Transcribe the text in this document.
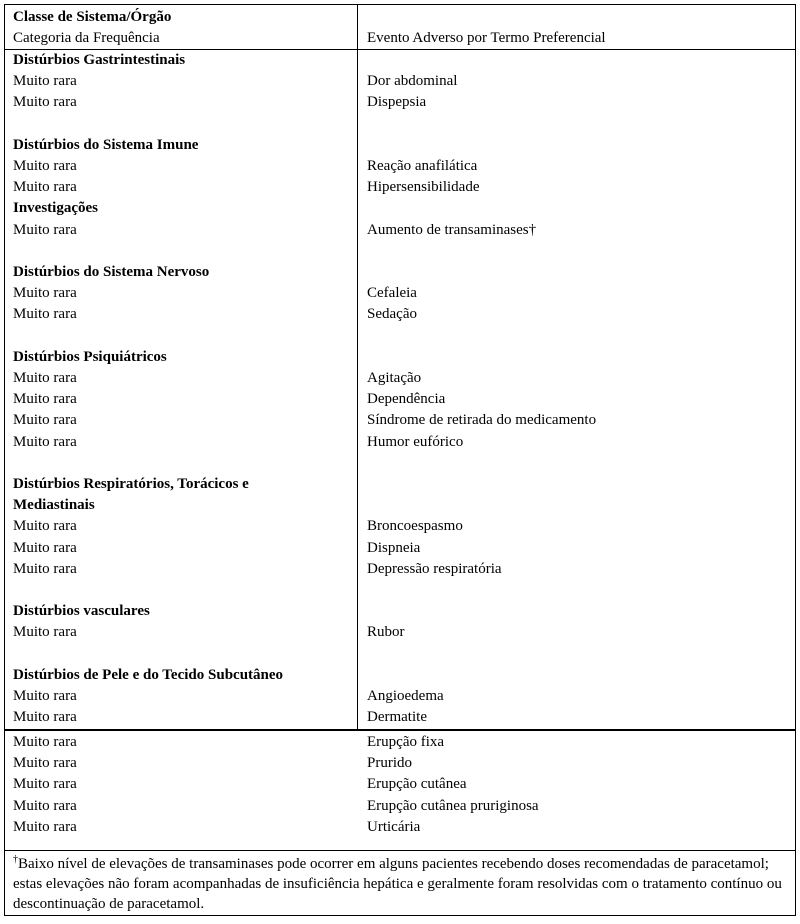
Classe de Sistema/Órgão
Categoria da Frequência	Evento Adverso por Termo Preferencial
Distúrbios Gastrintestinais
Muito rara	Dor abdominal
Muito rara	Dispepsia
Distúrbios do Sistema Imune
Muito rara	Reação anafilática
Muito rara	Hipersensibilidade
Investigações
Muito rara	Aumento de transaminases†
Distúrbios do Sistema Nervoso
Muito rara	Cefaleia
Muito rara	Sedação
Distúrbios Psiquiátricos
Muito rara	Agitação
Muito rara	Dependência
Muito rara	Síndrome de retirada do medicamento
Muito rara	Humor eufórico
Distúrbios Respiratórios, Torácicos e
Mediastinais
Muito rara	Broncoespasmo
Muito rara	Dispneia
Muito rara	Depressão respiratória
Distúrbios vasculares
Muito rara	Rubor
Distúrbios de Pele e do Tecido Subcutâneo
Muito rara	Angioedema
Muito rara	Dermatite
Muito rara	Erupção fixa
Muito rara	Prurido
Muito rara	Erupção cutânea
Muito rara	Erupção cutânea pruriginosa
Muito rara	Urticária
†Baixo nível de elevações de transaminases pode ocorrer em alguns pacientes recebendo doses recomendadas de paracetamol; estas elevações não foram acompanhadas de insuficiência hepática e geralmente foram resolvidas com o tratamento contínuo ou descontinuação de paracetamol.
